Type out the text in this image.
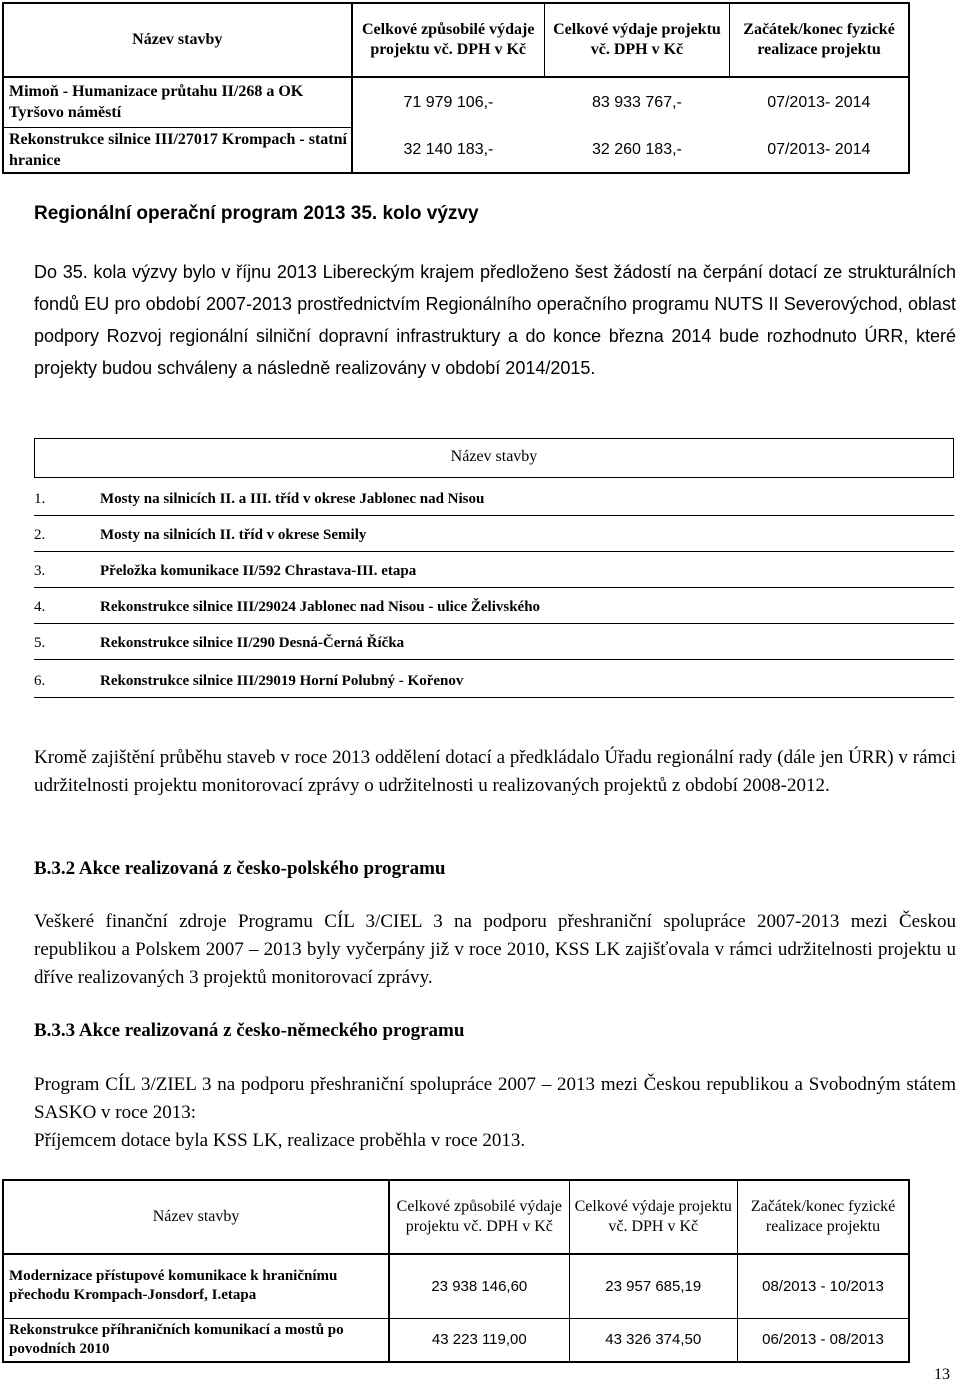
Název stavby	Celkové způsobilé výdaje projektu vč. DPH v Kč	Celkové výdaje projektu vč. DPH v Kč	Začátek/konec fyzické realizace projektu
Mimoň - Humanizace průtahu II/268 a OK Tyršovo náměstí	71 979 106,-	83 933 767,-	07/2013- 2014
Rekonstrukce silnice III/27017 Krompach - statní hranice	32 140 183,-	32 260 183,-	07/2013- 2014
Regionální operační program 2013 35. kolo výzvy
Do 35. kola výzvy bylo v říjnu 2013 Libereckým krajem předloženo šest žádostí na čerpání dotací ze strukturálních fondů EU pro období 2007-2013 prostřednictvím Regionálního operačního programu NUTS II Severovýchod, oblast podpory Rozvoj regionální silniční dopravní infrastruktury a do konce března 2014 bude rozhodnuto ÚRR, které projekty budou schváleny a následně realizovány v období 2014/2015.
Název stavby
1.	Mosty na silnicích II. a III. tříd v okrese Jablonec nad Nisou
2.	Mosty na silnicích II. tříd v okrese Semily
3.	Přeložka komunikace II/592 Chrastava-III. etapa
4.	Rekonstrukce silnice III/29024 Jablonec nad Nisou - ulice Želivského
5.	Rekonstrukce silnice II/290 Desná-Černá Říčka
6.	Rekonstrukce silnice III/29019 Horní Polubný - Kořenov
Kromě zajištění průběhu staveb v roce 2013 oddělení dotací a předkládalo Úřadu regionální rady (dále jen ÚRR) v rámci udržitelnosti projektu monitorovací zprávy o udržitelnosti u realizovaných projektů z období 2008-2012.
B.3.2 Akce realizovaná z česko-polského programu
Veškeré finanční zdroje Programu CÍL 3/CIEL 3 na podporu přeshraniční spolupráce 2007-2013 mezi Českou republikou a Polskem 2007 – 2013 byly vyčerpány již v roce 2010, KSS LK zajišťovala v rámci udržitelnosti projektu u dříve realizovaných 3 projektů monitorovací zprávy.
B.3.3 Akce realizovaná z česko-německého programu
Program CÍL 3/ZIEL 3 na podporu přeshraniční spolupráce 2007 – 2013 mezi Českou republikou a Svobodným státem SASKO v roce 2013:
Příjemcem dotace byla KSS LK, realizace proběhla v roce 2013.
Název stavby	Celkové způsobilé výdaje projektu vč. DPH v Kč	Celkové výdaje projektu vč. DPH v Kč	Začátek/konec fyzické realizace projektu
Modernizace přístupové komunikace k hraničnímu přechodu Krompach-Jonsdorf, I.etapa	23 938 146,60	23 957 685,19	08/2013 - 10/2013
Rekonstrukce příhraničních komunikací a mostů po povodních 2010	43 223 119,00	43 326 374,50	06/2013 - 08/2013
13
